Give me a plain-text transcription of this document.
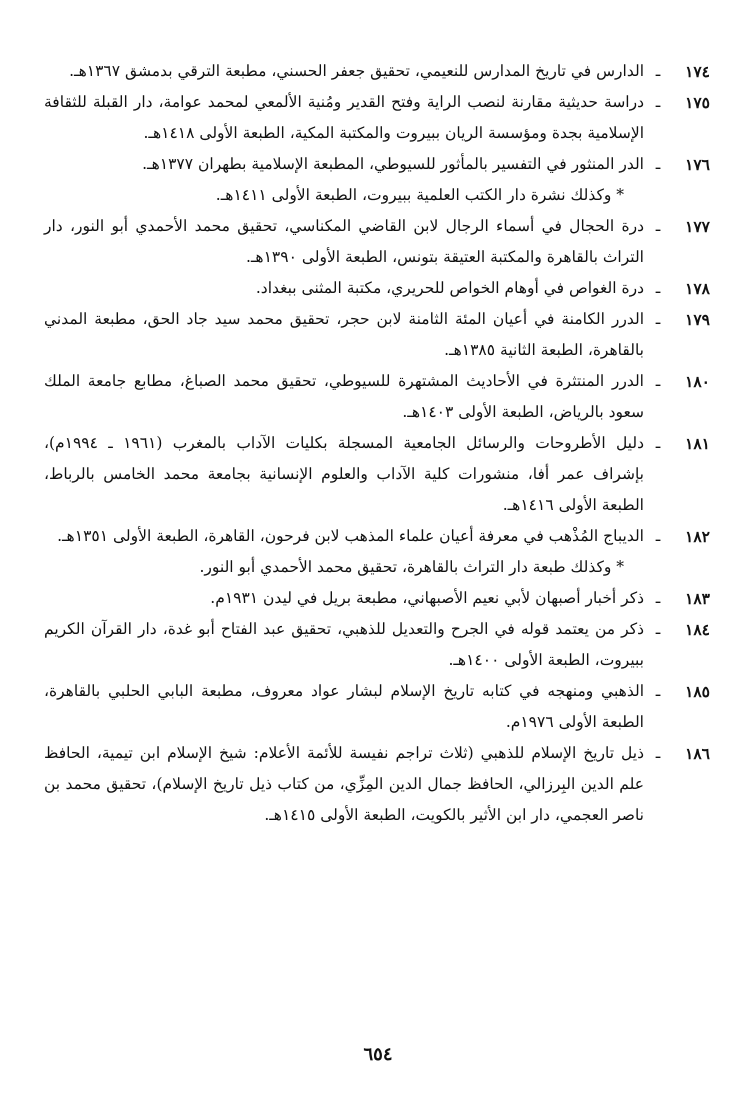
١٧٤
ـ
الدارس في تاريخ المدارس للنعيمي، تحقيق جعفر الحسني، مطبعة الترقي بدمشق ١٣٦٧هـ.
١٧٥
ـ
دراسة حديثية مقارنة لنصب الراية وفتح القدير ومُنية الألمعي لمحمد عوامة، دار القبلة للثقافة الإسلامية بجدة ومؤسسة الريان ببيروت والمكتبة المكية، الطبعة الأولى ١٤١٨هـ.
١٧٦
ـ
الدر المنثور في التفسير بالمأثور للسيوطي، المطبعة الإسلامية بطهران ١٣٧٧هـ.

* وكذلك نشرة دار الكتب العلمية ببيروت، الطبعة الأولى ١٤١١هـ.

١٧٧
ـ
درة الحجال في أسماء الرجال لابن القاضي المكناسي، تحقيق محمد الأحمدي أبو النور، دار التراث بالقاهرة والمكتبة العتيقة بتونس، الطبعة الأولى ١٣٩٠هـ.
١٧٨
ـ
درة الغواص في أوهام الخواص للحريري، مكتبة المثنى ببغداد.
١٧٩
ـ
الدرر الكامنة في أعيان المئة الثامنة لابن حجر، تحقيق محمد سيد جاد الحق، مطبعة المدني بالقاهرة، الطبعة الثانية ١٣٨٥هـ.
١٨٠
ـ
الدرر المنتثرة في الأحاديث المشتهرة للسيوطي، تحقيق محمد الصباغ، مطابع جامعة الملك سعود بالرياض، الطبعة الأولى ١٤٠٣هـ.
١٨١
ـ
دليل الأطروحات والرسائل الجامعية المسجلة بكليات الآداب بالمغرب (١٩٦١ ـ ١٩٩٤م)، بإشراف عمر أفا، منشورات كلية الآداب والعلوم الإنسانية بجامعة محمد الخامس بالرباط، الطبعة الأولى ١٤١٦هـ.
١٨٢
ـ
الديباج المُذْهب في معرفة أعيان علماء المذهب لابن فرحون، القاهرة، الطبعة الأولى ١٣٥١هـ.

* وكذلك طبعة دار التراث بالقاهرة، تحقيق محمد الأحمدي أبو النور.

١٨٣
ـ
ذكر أخبار أصبهان لأبي نعيم الأصبهاني، مطبعة بريل في ليدن ١٩٣١م.
١٨٤
ـ
ذكر من يعتمد قوله في الجرح والتعديل للذهبي، تحقيق عبد الفتاح أبو غدة، دار القرآن الكريم ببيروت، الطبعة الأولى ١٤٠٠هـ.
١٨٥
ـ
الذهبي ومنهجه في كتابه تاريخ الإسلام لبشار عواد معروف، مطبعة البابي الحلبي بالقاهرة، الطبعة الأولى ١٩٧٦م.
١٨٦
ـ
ذيل تاريخ الإسلام للذهبي (ثلاث تراجم نفيسة للأئمة الأعلام: شيخ الإسلام ابن تيمية، الحافظ علم الدين البِرزالي، الحافظ جمال الدين المِزِّي، من كتاب ذيل تاريخ الإسلام)، تحقيق محمد بن ناصر العجمي، دار ابن الأثير بالكويت، الطبعة الأولى ١٤١٥هـ.
٦٥٤
